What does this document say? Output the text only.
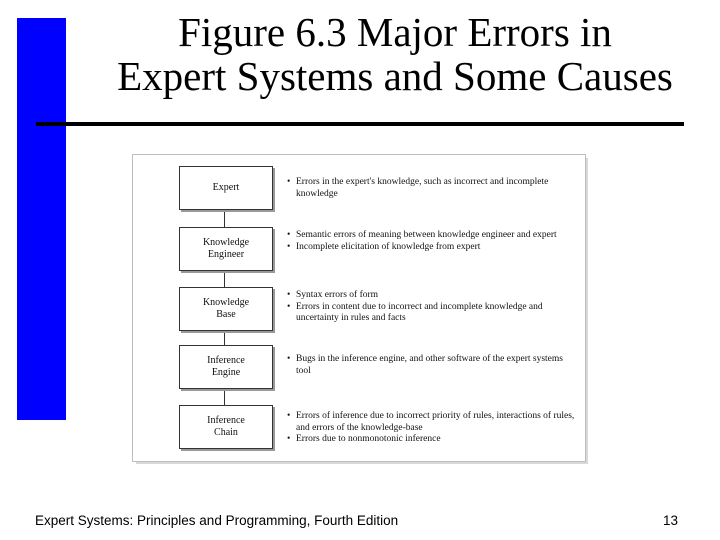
Figure 6.3 Major Errors in
Expert Systems and Some Causes
Expert
•	Errors in the expert's knowledge, such as incorrect and incomplete knowledge
Knowledge
Engineer
• Semantic errors of meaning between knowledge engineer and expert
• Incomplete elicitation of knowledge from expert
Knowledge
Base
• Syntax errors of form
• Errors in content due to incorrect and incomplete knowledge and uncertainty in rules and facts
Inference
Engine
• Bugs in the inference engine, and other software of the expert systems tool
Inference
Chain
• Errors of inference due to incorrect priority of rules, interactions of rules, and errors of the knowledge-base
• Errors due to nonmonotonic inference
Expert Systems: Principles and Programming, Fourth Edition	13
